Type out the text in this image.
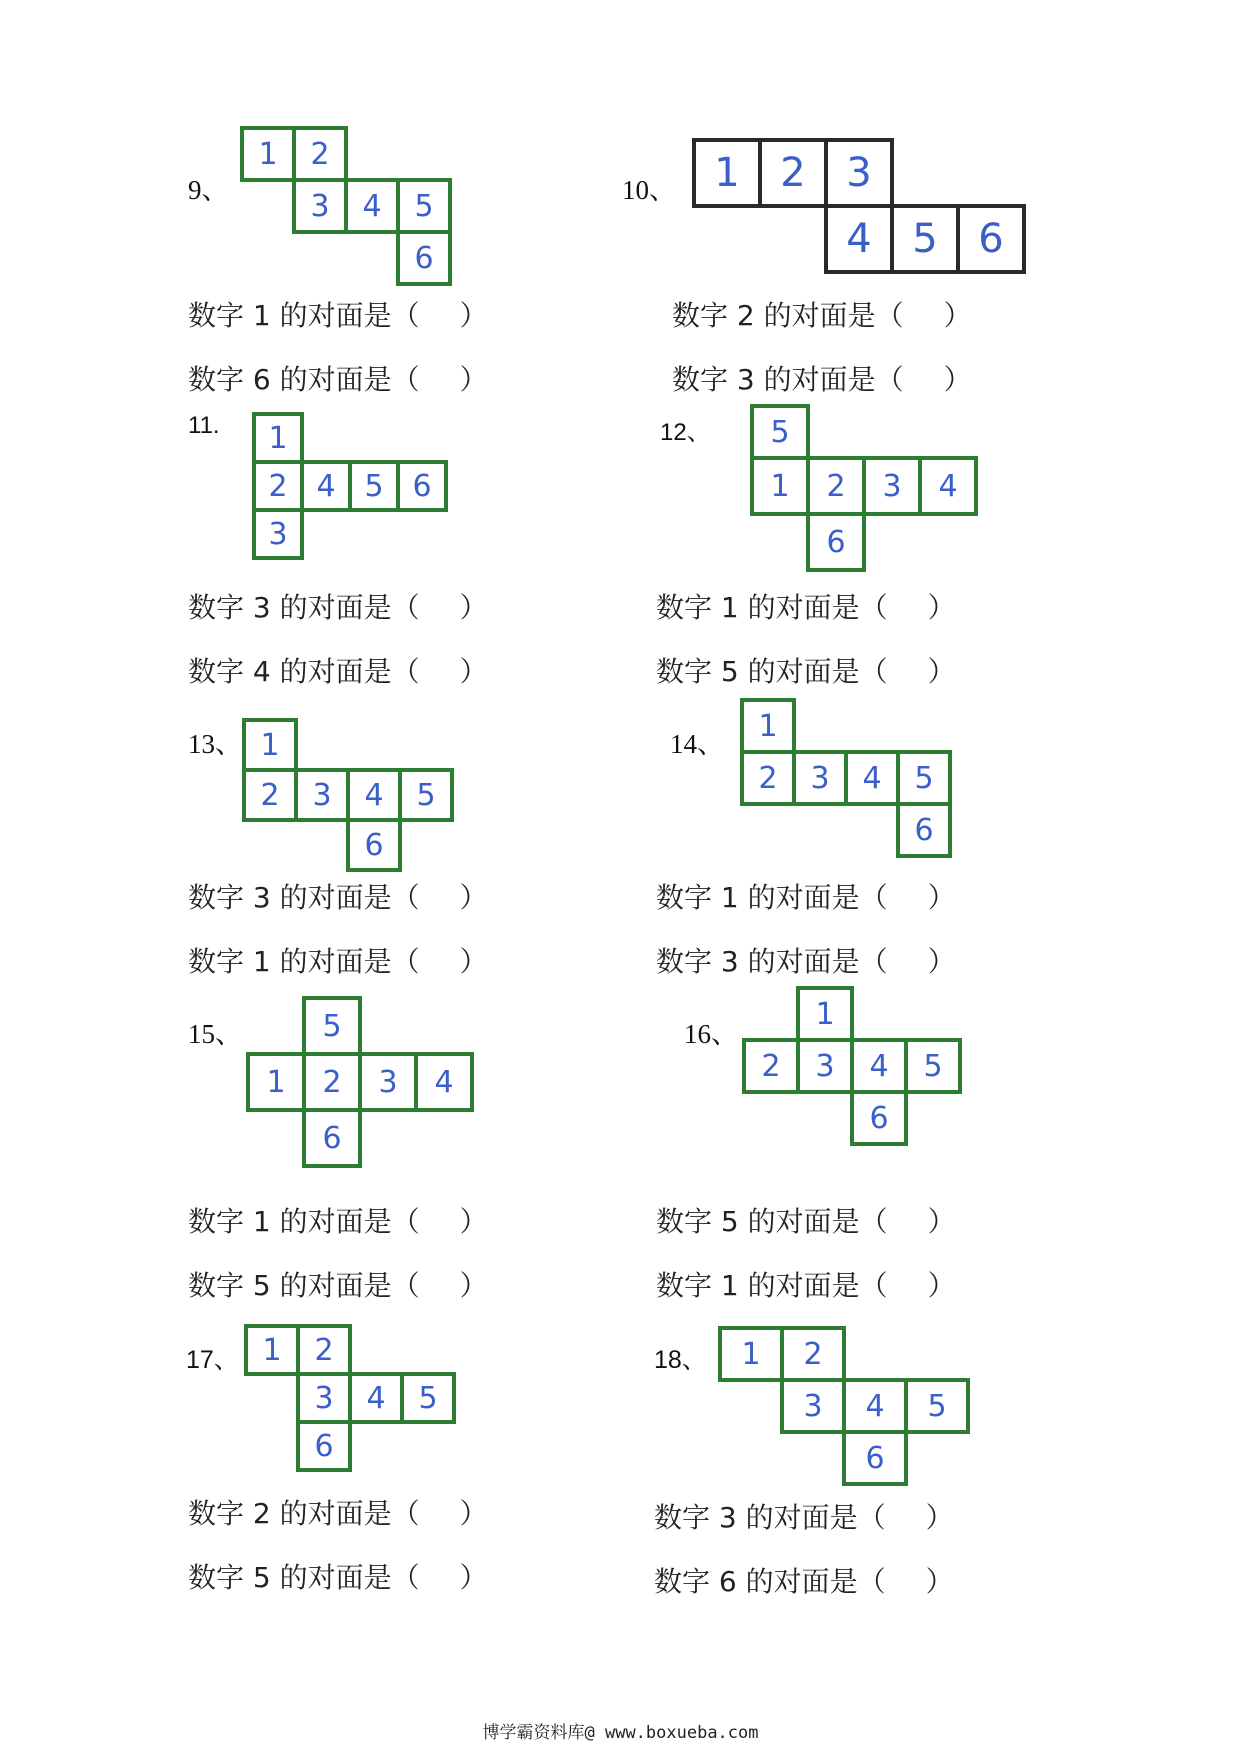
9、
1	2
3	4	5
6
数字 1 的对面是（ ）
数字 6 的对面是（ ）
10、 1	2	3
4	5	6
数字 2 的对面是（ ）
数字 3 的对面是（ ）
11.	1
2 4 5 6
3
数字 3 的对面是（ ）
数字 4 的对面是（ ）
12、	5
1	2	3	4
6
数字 1 的对面是（ ）
数字 5 的对面是（ ）
13、 1
2	3	4	5
6
数字 3 的对面是（ ）
数字 1 的对面是（ ）
14、
1
2	3	4	5
6
数字 1 的对面是（ ）
数字 3 的对面是（ ）
15、	5
1	2	3	4
6
数字 1 的对面是（ ）
数字 5 的对面是（ ）
16、
1
2	3	4	5
6
数字 5 的对面是（ ）
数字 1 的对面是（ ）
17、 1	2
3	4	5
6
数字 2 的对面是（ ）
数字 5 的对面是（ ）
18、	1	2
3	4	5
6
数字 3 的对面是（ ）
数字 6 的对面是（ ）
博学霸资料库@ www.boxueba.com
